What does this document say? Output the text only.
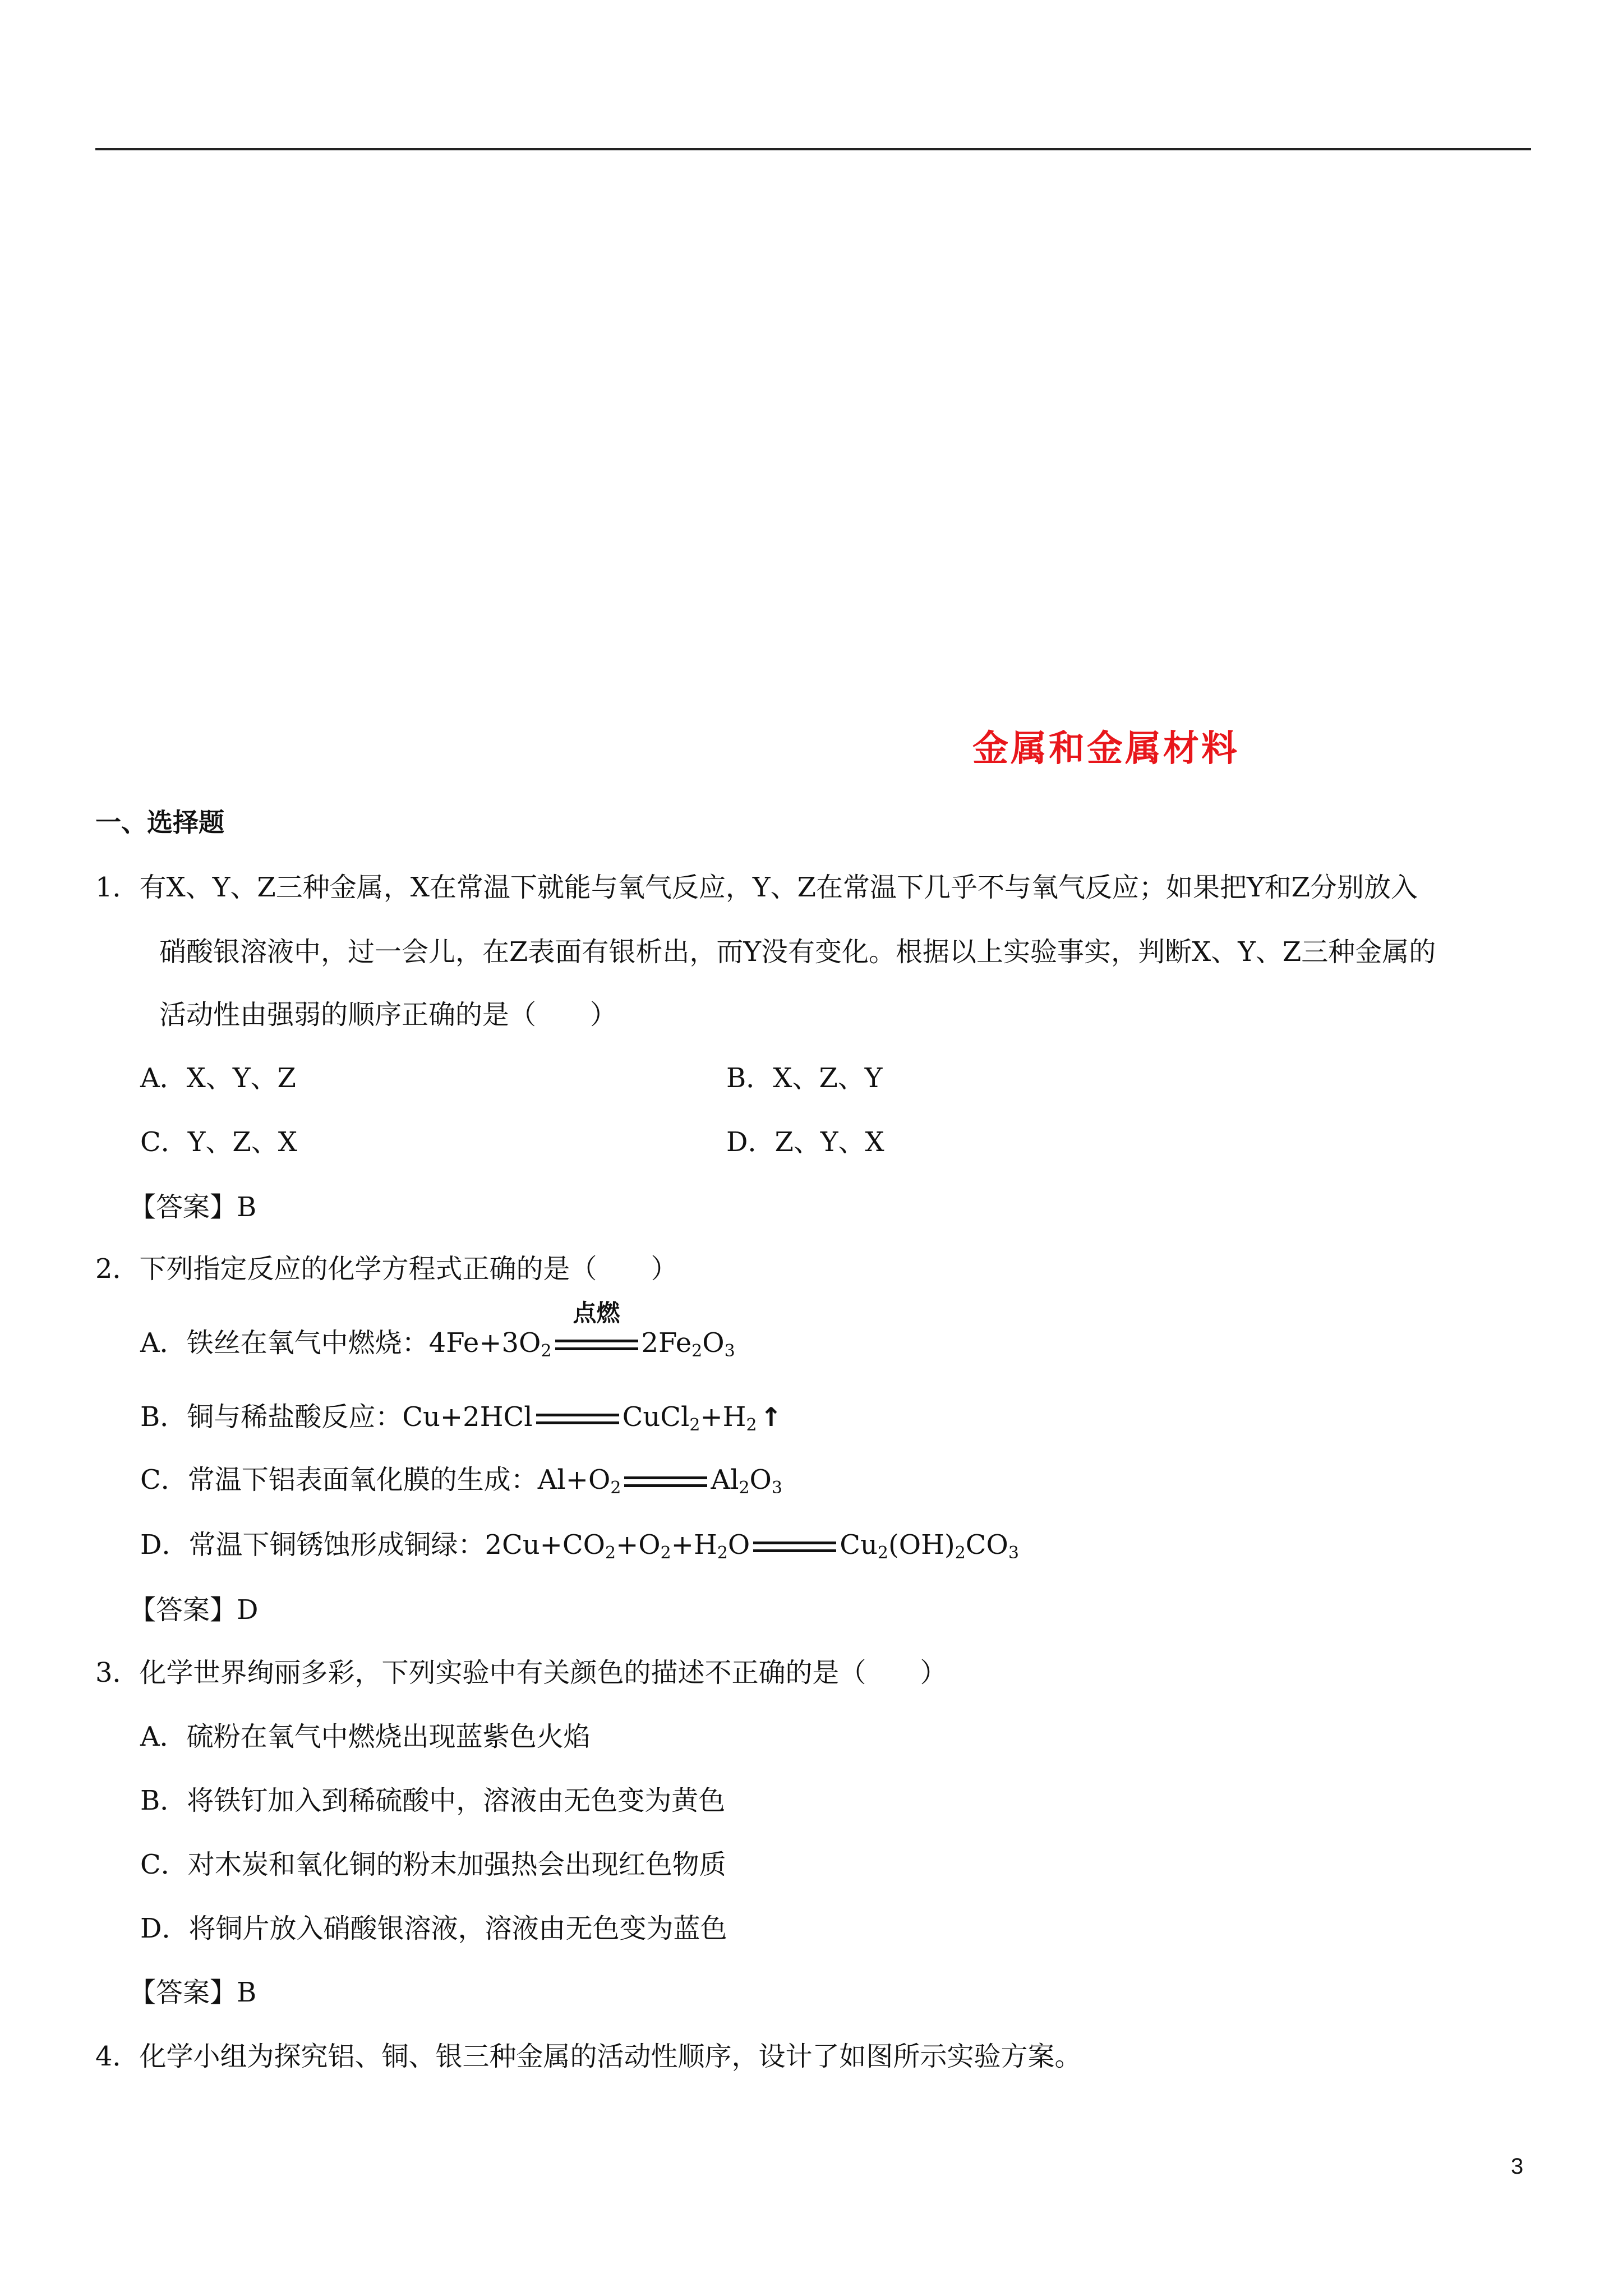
金属和金属材料
一、选择题
1．有X、Y、Z三种金属，X在常温下就能与氧气反应，Y、Z在常温下几乎不与氧气反应；如果把Y和Z分别放入
硝酸银溶液中，过一会儿，在Z表面有银析出，而Y没有变化。根据以上实验事实，判断X、Y、Z三种金属的
活动性由强弱的顺序正确的是（　　）
A．X、Y、Z	B．X、Z、Y
C．Y、Z、X	D．Z、Y、X
【答案】B
2．下列指定反应的化学方程式正确的是（　　）
A．铁丝在氧气中燃烧：$4Fe+3O_2$
点燃
$2Fe_2O_3$
B．铜与稀盐酸反应：Cu+2HCl	$CuCl_2+H_2$ ↑
C．常温下铝表面氧化膜的生成：$Al+O_2$	$Al_2O_3$
D．常温下铜锈蚀形成铜绿：$2Cu+CO_2+O_2+H_2O$	$Cu_2(OH)_2CO_3$
【答案】D
3．化学世界绚丽多彩，下列实验中有关颜色的描述不正确的是（　　）
A．硫粉在氧气中燃烧出现蓝紫色火焰
B．将铁钉加入到稀硫酸中，溶液由无色变为黄色
C．对木炭和氧化铜的粉末加强热会出现红色物质
D．将铜片放入硝酸银溶液，溶液由无色变为蓝色
【答案】B
4．化学小组为探究铝、铜、银三种金属的活动性顺序，设计了如图所示实验方案。
3
